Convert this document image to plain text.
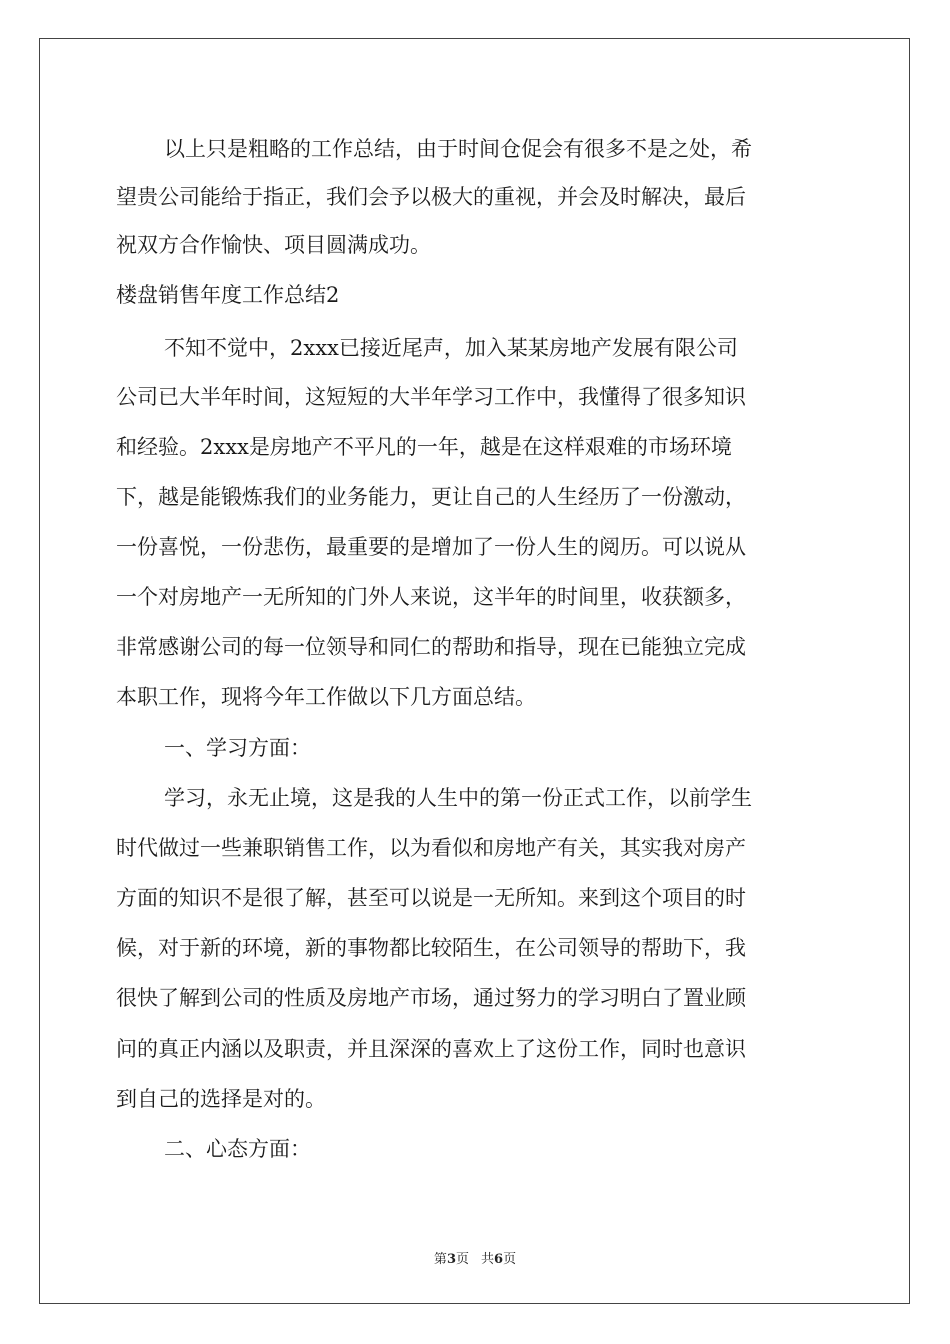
以上只是粗略的工作总结，由于时间仓促会有很多不是之处，希
望贵公司能给于指正，我们会予以极大的重视，并会及时解决，最后
祝双方合作愉快、项目圆满成功。
楼盘销售年度工作总结2
不知不觉中，2xxx已接近尾声，加入某某房地产发展有限公司
公司已大半年时间，这短短的大半年学习工作中，我懂得了很多知识
和经验。2xxx是房地产不平凡的一年，越是在这样艰难的市场环境
下，越是能锻炼我们的业务能力，更让自己的人生经历了一份激动，
一份喜悦，一份悲伤，最重要的是增加了一份人生的阅历。可以说从
一个对房地产一无所知的门外人来说，这半年的时间里，收获额多，
非常感谢公司的每一位领导和同仁的帮助和指导，现在已能独立完成
本职工作，现将今年工作做以下几方面总结。
一、学习方面：
学习，永无止境，这是我的人生中的第一份正式工作，以前学生
时代做过一些兼职销售工作，以为看似和房地产有关，其实我对房产
方面的知识不是很了解，甚至可以说是一无所知。来到这个项目的时
候，对于新的环境，新的事物都比较陌生，在公司领导的帮助下，我
很快了解到公司的性质及房地产市场，通过努力的学习明白了置业顾
问的真正内涵以及职责，并且深深的喜欢上了这份工作，同时也意识
到自己的选择是对的。
二、心态方面：
第3页 共6页
